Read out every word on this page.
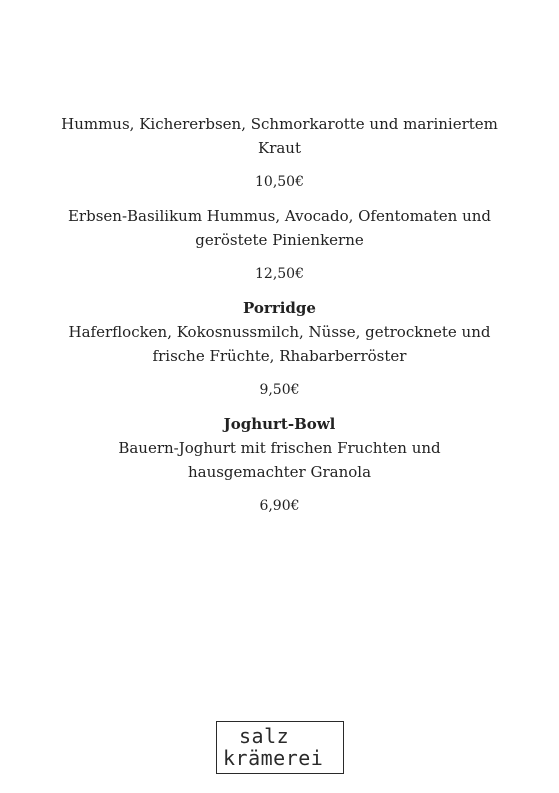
Hummus, Kichererbsen, Schmorkarotte und mariniertem Kraut

10,50€

Erbsen-Basilikum Hummus, Avocado, Ofentomaten und geröstete Pinienkerne

12,50€

Porridge

Haferflocken, Kokosnussmilch, Nüsse, getrocknete und frische Früchte, Rhabarberröster

9,50€

Joghurt-Bowl

Bauern-Joghurt mit frischen Fruchten und hausgemachter Granola

6,90€

salz
krämerei
